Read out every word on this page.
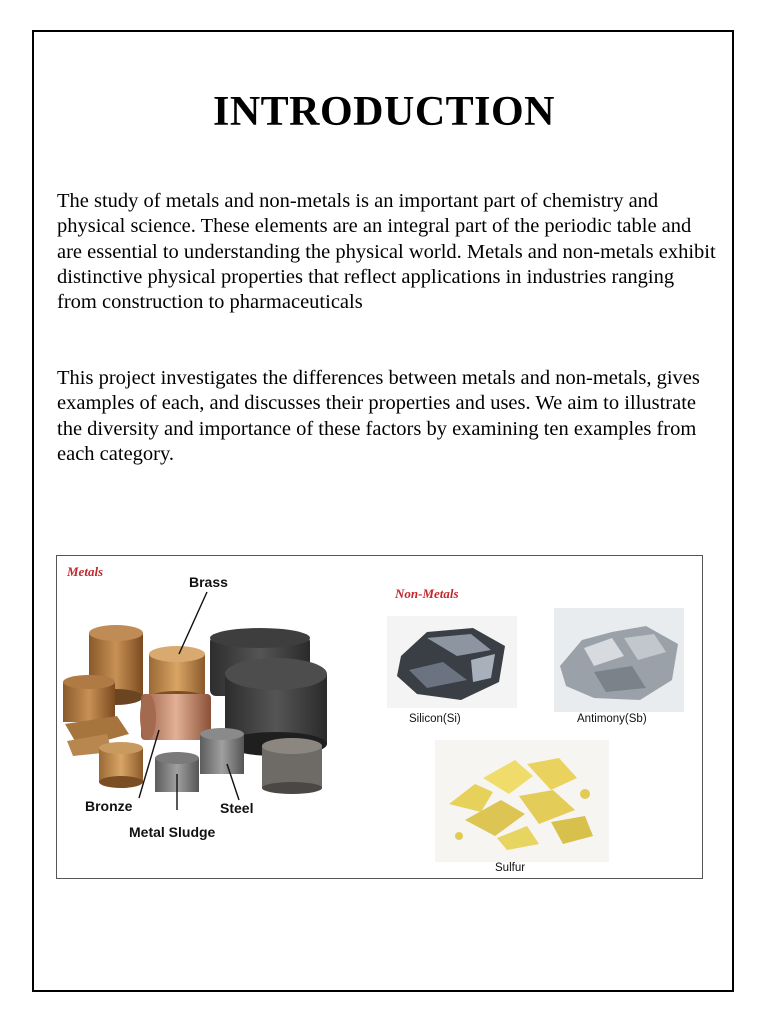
INTRODUCTION

The study of metals and non-metals is an important part of chemistry and physical science. These elements are an integral part of the periodic table and are essential to understanding the physical world. Metals and non-metals exhibit distinctive physical properties that reflect applications in industries ranging from construction to pharmaceuticals

This project investigates the differences between metals and non-metals, gives examples of each, and discusses their properties and uses. We aim to illustrate the diversity and importance of these factors by examining ten examples from each category.

Metals
Non-Metals
Brass
Bronze	Steel
Metal Sludge
Silicon(Si)	Antimony(Sb)
Sulfur
